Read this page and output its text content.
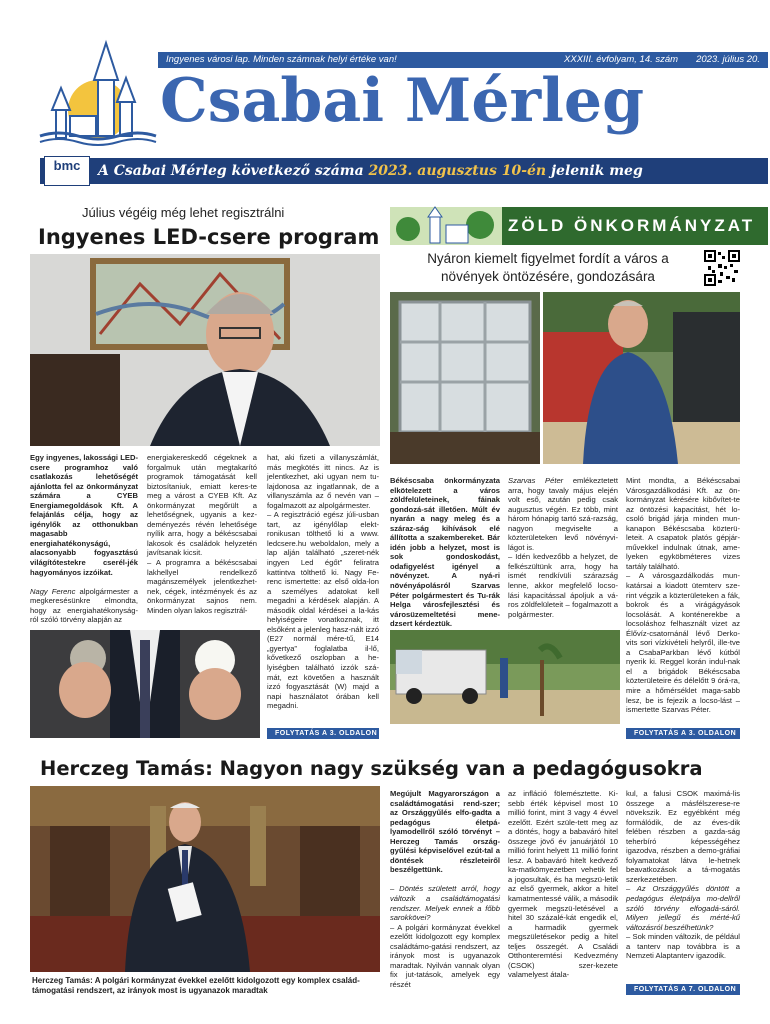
Ingyenes városi lap. Minden számnak helyi értéke van!	XXXIII. évfolyam, 14. szám 2023. július 20.
Csabai Mérleg
A Csabai Mérleg következő száma 2023. augusztus 10-én jelenik meg
bmc
Július végéig még lehet regisztrálni
Ingyenes LED-csere program
Egy ingyenes, lakossági LED-csere programhoz való csatlakozás lehetőségét ajánlotta fel az önkormányzat számára a CYEB Energiamegoldások Kft. A felajánlás célja, hogy az igénylők az otthonukban magasabb energiahatékonyságú, alacsonyabb fogyasztású világítótestekre cserél-jék hagyományos izzóikat.

Nagy Ferenc alpolgármester a megkeresésünkre elmondta, hogy az energiahatékonyság-ról szóló törvény alapján az
energiakereskedő cégeknek a forgalmuk után megtakarító programok támogatását kell biztosítaniuk, emiatt keres-te meg a várost a CYEB Kft. Az önkormányzat megőrült a lehetőségnek, ugyanis a kez-deményezés révén lehetősége nyílik arra, hogy a békéscsabai lakosok és családok helyzetén javítsanak kicsit.
– A programra a békéscsabai lakhellyel rendelkező magánszemélyek jelentkezhet-nek, cégek, intézmények és az önkormányzat sajnos nem. Minden olyan lakos regisztrál-
hat, aki fizeti a villanyszámlát, más megkötés itt nincs. Az is jelentkezhet, aki ugyan nem tu-lajdonosa az ingatlannak, de a villanyszámla az ő nevén van – fogalmazott az alpolgármester.
– A regisztráció egész júli-usban tart, az igénylőlap elekt-ronikusan tölthető ki a www. ledcsere.hu weboldalon, mely a lap alján található „szeret-nék ingyen Led égőt” feliratra kattintva tölthető ki. Nagy Fe-renc ismertette: az első olda-lon a személyes adatokat kell megadni a kérdések alapján. A második oldal kérdései a la-kás helyiségeire vonatkoznak, itt elsőként a jelenleg hasz-nált izzó (E27 normál mére-tű, E14 „gyertya” foglalatba il-lő, kővetkező oszlopban a he-lyiségben található izzók szá-mát, ezt követően a használt izzó fogyasztását (W) majd a napi használatot órában kell megadni.
FOLYTATÁS A 3. OLDALON ›
ZÖLD ÖNKORMÁNYZAT
Nyáron kiemelt figyelmet fordít a város a növények öntözésére, gondozására
Békéscsaba önkormányzata elkötelezett a város zöldfelületeinek, fáinak gondozá-sát illetően. Múlt év nyarán a nagy meleg és a száraz-ság kihívások elé állította a szakembereket. Bár idén jobb a helyzet, most is sok gondoskodást, odafigyelést igényel a növényzet. A nyá-ri növényápolásról Szarvas Péter polgármestert és Tu-rák Helga városfejlesztési és városüzemeltetési mene-dzsert kérdeztük.
Szarvas Péter emlékeztetett arra, hogy tavaly május elején volt eső, azután pedig csak augusztus végén. Ez több, mint három hónapig tartó szá-razság, nagyon megviselte a közterületeken levő növényvi-lágot is.
– Idén kedvezőbb a helyzet, de felkészültünk arra, hogy ha ismét rendkívüli szárazság lenne, akkor megfelelő locso-lási kapacitással ápoljuk a vá-ros zöldfelületeit – fogalmazott a polgármester.
Mint mondta, a Békéscsabai Városgazdálkodási Kft. az ön-kormányzat kérésére kibővítet-te az öntözési kapacitást, hét lo-csoló brigád járja minden mun-kanapon Békéscsaba közterü-leteit. A csapatok platós gépjár-művekkel indulnak útnak, ame-lyeken egyköbméteres vizes tartály található.
– A városgazdálkodás mun-katársai a kiadott ütemterv sze-rint végzik a közterületeken a fák, bokrok és a virágágyások locsolását. A konténerekbe a locsoláshoz felhasznált vizet az Élővíz-csatornánál lévő Derko-vits sori vízkivételi helyről, ille-tve a CsabaParkban lévő kútból nyerik ki. Reggel korán indul-nak el a brigádok Békéscsaba közterületeire és délelőtt 9 órá-ra, mire a hőmérséklet maga-sabb lesz, be is fejezik a locso-lást – ismertette Szarvas Péter.
FOLYTATÁS A 3. OLDALON ›
Herczeg Tamás: Nagyon nagy szükség van a pedagógusokra
Herczeg Tamás: A polgári kormányzat évekkel ezelőtt kidolgozott egy komplex család-támogatási rendszert, az irányok most is ugyanazok maradtak
Megújult Magyarországon a családtámogatási rend-szer; az Országgyűlés elfo-gadta a pedagógus életpá-lyamodellről szóló törvényt – Herczeg Tamás ország-gyűlési képviselővel ezút-tal a döntések részleteiről beszélgettünk.

– Döntés született arról, hogy változik a családtámogatási rendszer. Melyek ennek a főbb sarokkövei?
– A polgári kormányzat évekkel ezelőtt kidolgozott egy komplex családtámo-gatási rendszert, az irányok most is ugyanazok maradtak. Nyilván vannak olyan fix jut-tatások, amelyek egy részét
az infláció fölemésztette. Ki-sebb érték képvisel most 10 millió forint, mint 3 vagy 4 évvel ezelőtt. Ezért szüle-tett meg az a döntés, hogy a babaváró hitel összege jövő év januárjától 10 millió forint helyett 11 millió forint lesz. A babaváró hitelt kedvező ka-matkömyezetben vehetik fel a jogosultak, és ha megszü-letik az első gyermek, akkor a hitel kamatmentessé válik, a második gyermek megszü-letésével a hitel 30 százalé-kát engedik el, a harmadik gyermek megszületésekor pedig a hitel teljes összegét. A Családi Otthonteremtési Kedvezmény (CSOK) szer-kezete valamelyest átala-
kul, a falusi CSOK maximá-lis összege a másfélszerese-re növekszik. Ez egyébként még formálódik, de az éves-dik felében részben a gazda-ság teherbíró képességéhez igazodva, részben a demo-gráfiai folyamatokat látva le-hetnek beavatkozások a tá-mogatás szerkezetében.
– Az Országgyűlés döntött a pedagógus életpálya mo-dellről szóló törvény elfogadá-sáról. Milyen jellegű és mérté-kű változásról beszélhetünk?
– Sok minden változik, de például a tanterv nap továbbra is a Nemzeti Alaptanterv igazodik.
FOLYTATÁS A 7. OLDALON ›
